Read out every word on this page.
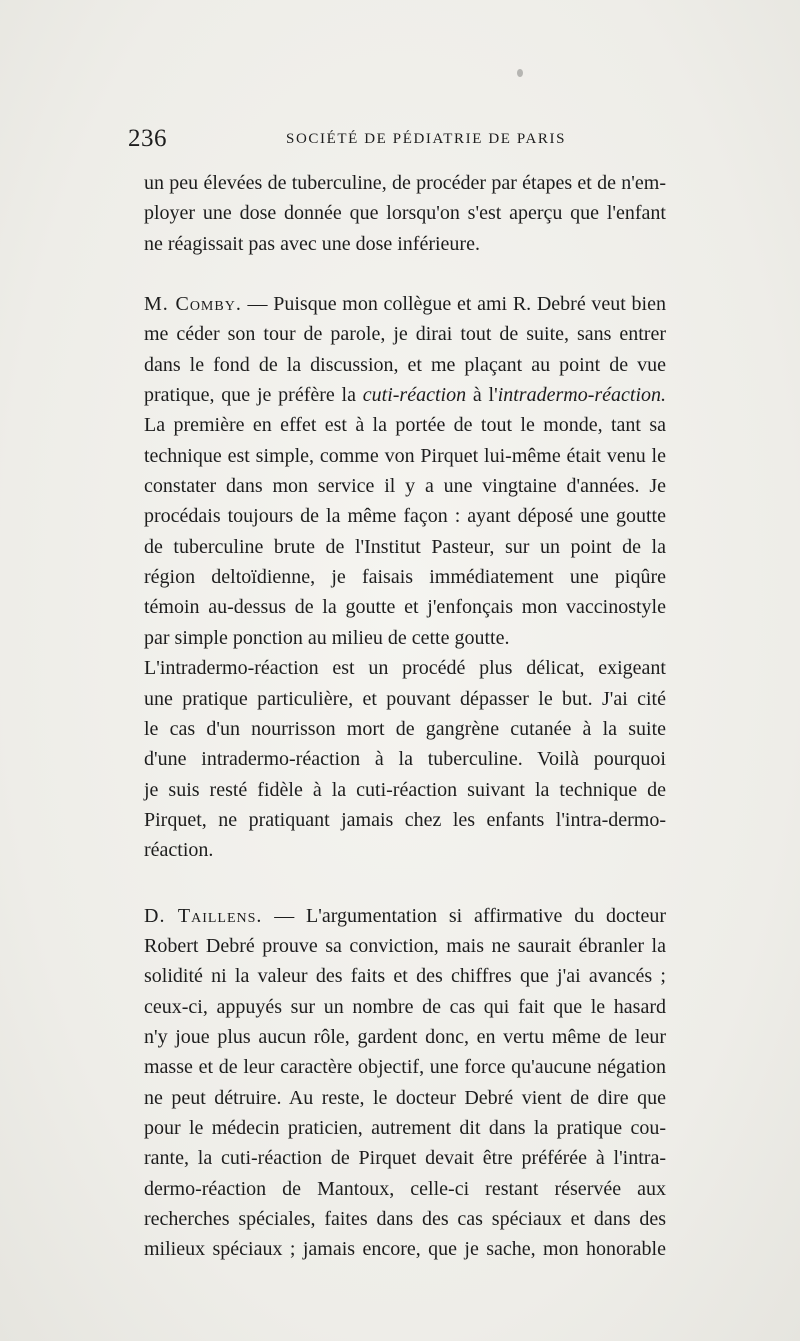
236	SOCIÉTÉ DE PÉDIATRIE DE PARIS
un peu élevées de tuberculine, de procéder par étapes et de n'em-
ployer une dose donnée que lorsqu'on s'est aperçu que l'enfant
ne réagissait pas avec une dose inférieure.
M. Comby. — Puisque mon collègue et ami R. Debré veut bien
me céder son tour de parole, je dirai tout de suite, sans entrer
dans le fond de la discussion, et me plaçant au point de vue
pratique, que je préfère la cuti-réaction à l'intradermo-réaction.
La première en effet est à la portée de tout le monde, tant sa
technique est simple, comme von Pirquet lui-même était venu le
constater dans mon service il y a une vingtaine d'années. Je
procédais toujours de la même façon : ayant déposé une goutte
de tuberculine brute de l'Institut Pasteur, sur un point de la
région deltoïdienne, je faisais immédiatement une piqûre
témoin au-dessus de la goutte et j'enfonçais mon vaccinostyle
par simple ponction au milieu de cette goutte.
L'intradermo-réaction est un procédé plus délicat, exigeant
une pratique particulière, et pouvant dépasser le but. J'ai cité
le cas d'un nourrisson mort de gangrène cutanée à la suite
d'une intradermo-réaction à la tuberculine. Voilà pourquoi
je suis resté fidèle à la cuti-réaction suivant la technique de
Pirquet, ne pratiquant jamais chez les enfants l'intra-dermo-
réaction.
D. Taillens. — L'argumentation si affirmative du docteur
Robert Debré prouve sa conviction, mais ne saurait ébranler la
solidité ni la valeur des faits et des chiffres que j'ai avancés ;
ceux-ci, appuyés sur un nombre de cas qui fait que le hasard
n'y joue plus aucun rôle, gardent donc, en vertu même de leur
masse et de leur caractère objectif, une force qu'aucune négation
ne peut détruire. Au reste, le docteur Debré vient de dire que
pour le médecin praticien, autrement dit dans la pratique cou-
rante, la cuti-réaction de Pirquet devait être préférée à l'intra-
dermo-réaction de Mantoux, celle-ci restant réservée aux
recherches spéciales, faites dans des cas spéciaux et dans des
milieux spéciaux ; jamais encore, que je sache, mon honorable
